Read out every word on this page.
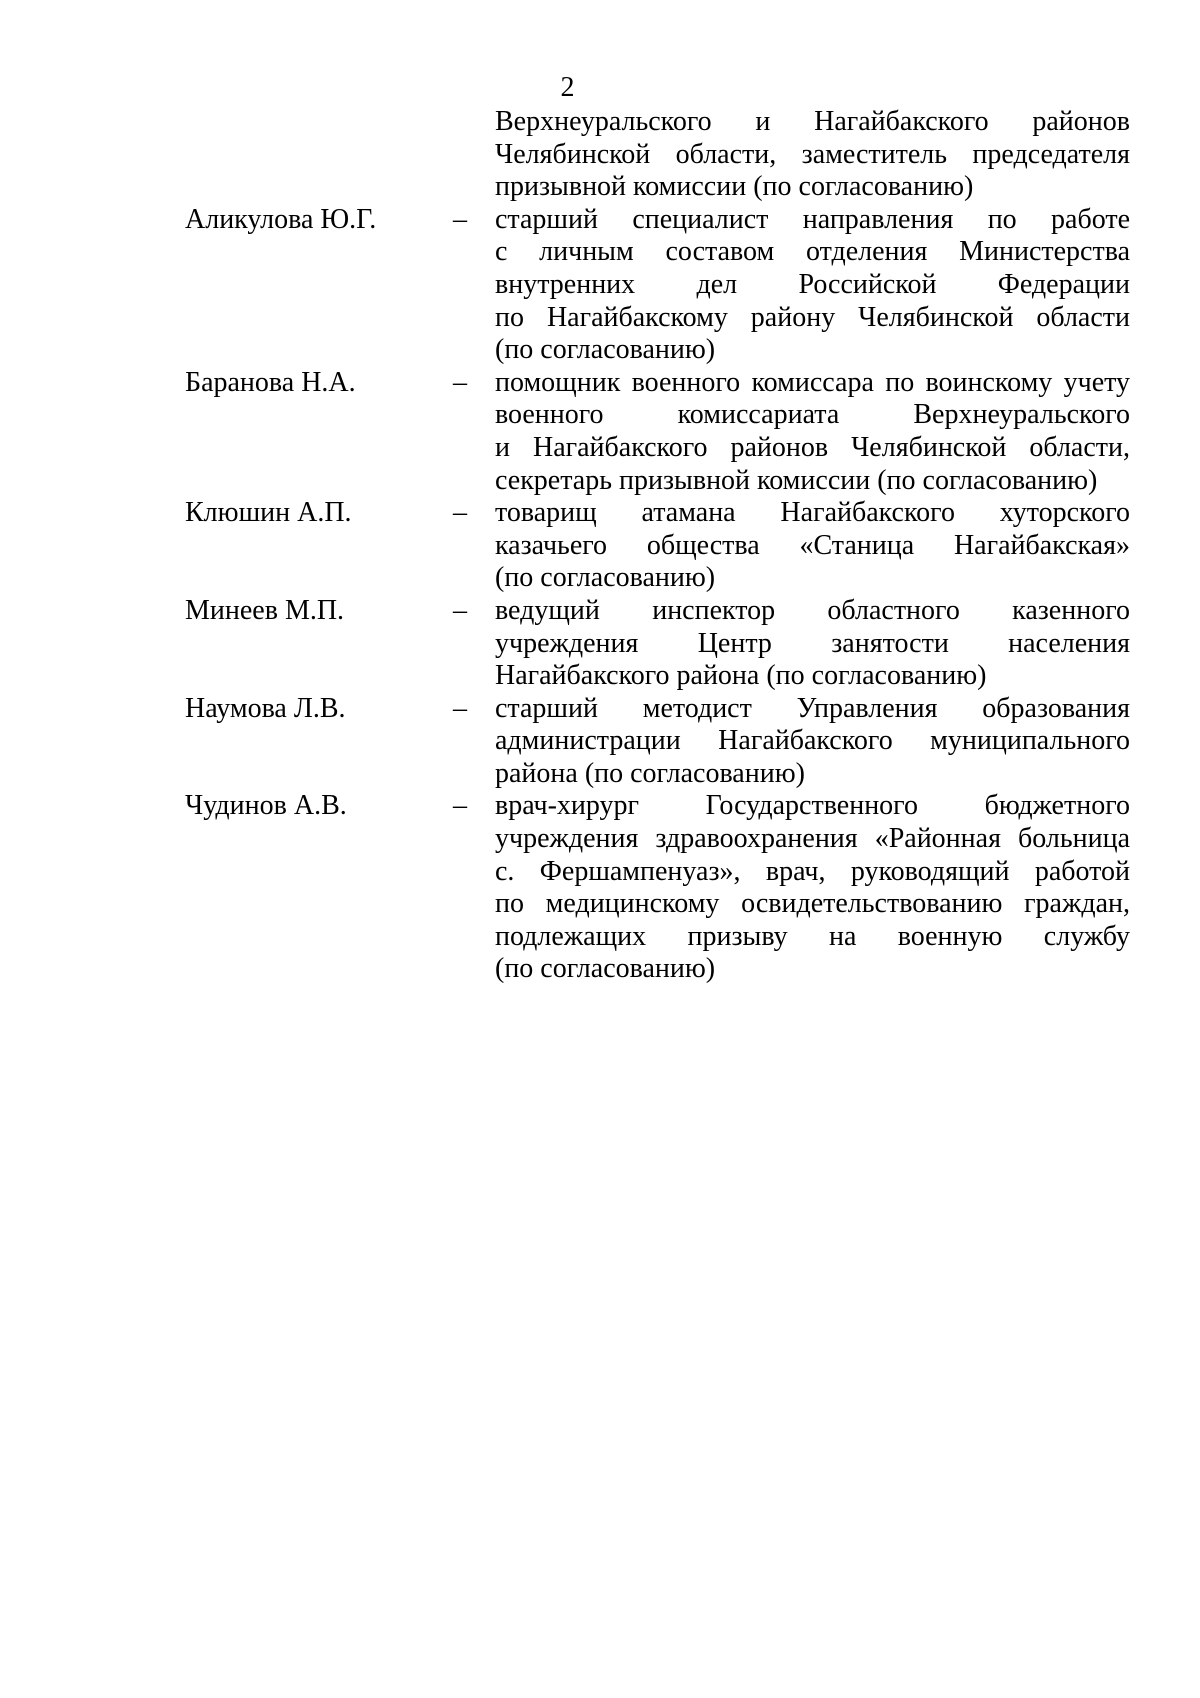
2
Верхнеуральского и Нагайбакского районов
Челябинской области, заместитель председателя
призывной комиссии (по согласованию)
Аликулова Ю.Г.	–	старший специалист направления по работе
с личным составом отделения Министерства
внутренних дел Российской Федерации
по Нагайбакскому району Челябинской области
(по согласованию)
Баранова Н.А.	–	помощник военного комиссара по воинскому учету
военного комиссариата Верхнеуральского
и Нагайбакского районов Челябинской области,
секретарь призывной комиссии (по согласованию)
Клюшин А.П.	–	товарищ атамана Нагайбакского хуторского
казачьего общества «Станица Нагайбакская»
(по согласованию)
Минеев М.П.	–	ведущий инспектор областного казенного
учреждения Центр занятости населения
Нагайбакского района (по согласованию)
Наумова Л.В.	–	старший методист Управления образования
администрации Нагайбакского муниципального
района (по согласованию)
Чудинов А.В.	–	врач-хирург Государственного бюджетного
учреждения здравоохранения «Районная больница
с. Фершампенуаз», врач, руководящий работой
по медицинскому освидетельствованию граждан,
подлежащих призыву на военную службу
(по согласованию)
